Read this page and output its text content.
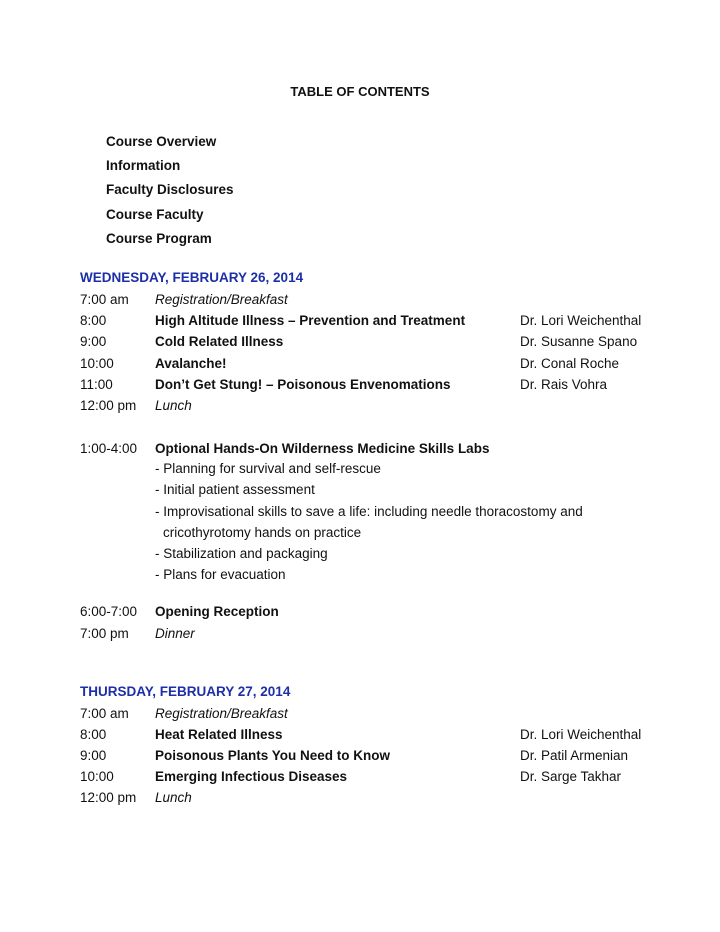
TABLE OF CONTENTS
Course Overview
Information
Faculty Disclosures
Course Faculty
Course Program
WEDNESDAY, FEBRUARY 26, 2014
7:00 am Registration/Breakfast
8:00	High Altitude Illness – Prevention and Treatment	Dr. Lori Weichenthal
9:00	Cold Related Illness	Dr. Susanne Spano
10:00	Avalanche!	Dr. Conal Roche
11:00	Don’t Get Stung! – Poisonous Envenomations	Dr. Rais Vohra
12:00 pm Lunch
1:00-4:00 Optional Hands-On Wilderness Medicine Skills Labs
- Planning for survival and self-rescue
- Initial patient assessment
- Improvisational skills to save a life: including needle thoracostomy and
cricothyrotomy hands on practice
- Stabilization and packaging
- Plans for evacuation
6:00-7:00 Opening Reception
7:00 pm Dinner
THURSDAY, FEBRUARY 27, 2014
7:00 am Registration/Breakfast
8:00	Heat Related Illness	Dr. Lori Weichenthal
9:00	Poisonous Plants You Need to Know	Dr. Patil Armenian
10:00	Emerging Infectious Diseases	Dr. Sarge Takhar
12:00 pm Lunch
